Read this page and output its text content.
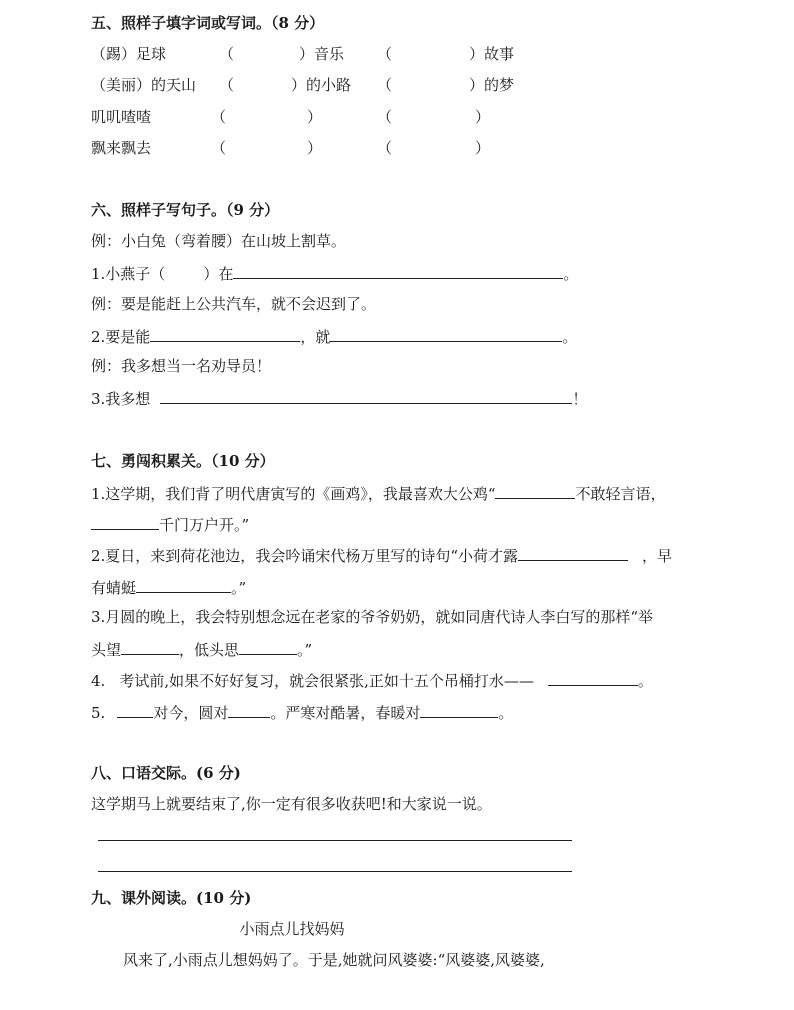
五、照样子填字词或写词。（8 分）
（踢）足球	（	）音乐 （	）故事
（美丽）的天山 （	）的小路 （	）的梦
叽叽喳喳	（	）	（	）
飘来飘去	（	）	（	）
六、照样子写句子。（9 分）
例：小白兔（弯着腰）在山坡上割草。
1.小燕子（	）在	。
例：要是能赶上公共汽车，就不会迟到了。
2.要是能	，就	。
例：我多想当一名劝导员！
3.我多想	！
七、勇闯积累关。（10 分）
1.这学期，我们背了明代唐寅写的《画鸡》，我最喜欢大公鸡“	不敢轻言语，
千门万户开。”
2.夏日，来到荷花池边，我会吟诵宋代杨万里写的诗句“小荷才露	，早
有蜻蜓	。”
3.月圆的晚上，我会特别想念远在老家的爷爷奶奶，就如同唐代诗人李白写的那样“举
头望	，低头思	。”
4. 考试前,如果不好好复习，就会很紧张,正如十五个吊桶打水——	。
5.	对今，圆对	。严寒对酷暑，春暖对	。
八、口语交际。(6 分)
这学期马上就要结束了,你一定有很多收获吧!和大家说一说。
九、课外阅读。(10 分)
小雨点儿找妈妈
风来了,小雨点儿想妈妈了。于是,她就问风婆婆:“风婆婆,风婆婆,
